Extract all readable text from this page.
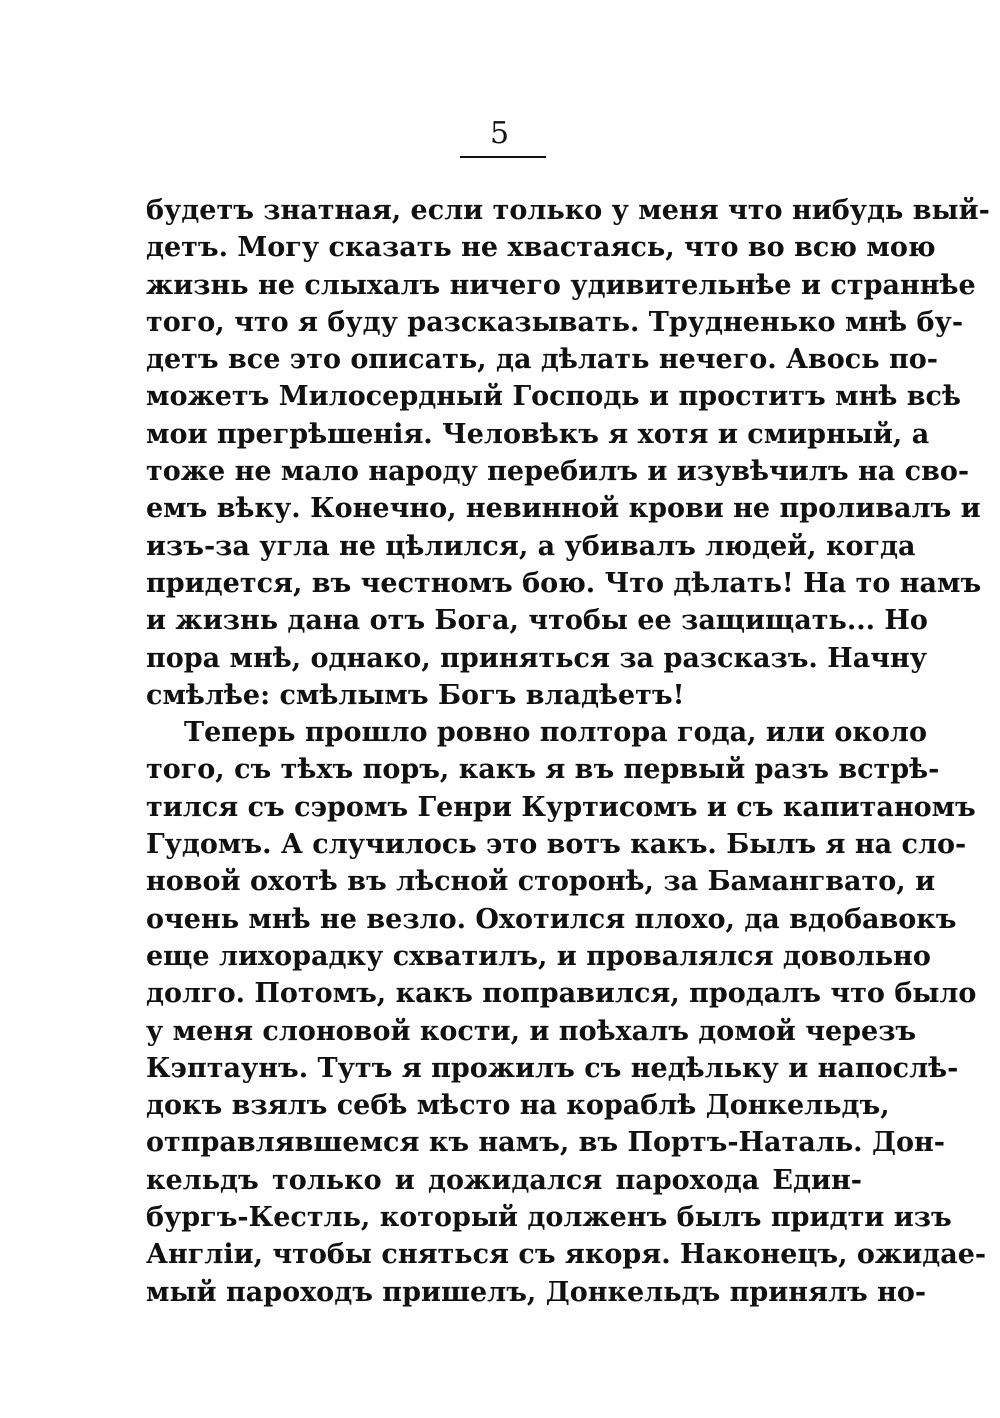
5
будетъ знатная, если только у меня что нибудь вый-
детъ. Могу сказать не хвастаясь, что во всю мою
жизнь не слыхалъ ничего удивительнѣе и страннѣе
того, что я буду разсказывать. Трудненько мнѣ бу-
детъ все это описать, да дѣлать нечего. Авось по-
можетъ Милосердный Господь и проститъ мнѣ всѣ
мои прегрѣшенія. Человѣкъ я хотя и смирный, а
тоже не мало народу перебилъ и изувѣчилъ на сво-
емъ вѣку. Конечно, невинной крови не проливалъ и
изъ-за угла не цѣлился, а убивалъ людей, когда
придется, въ честномъ бою. Что дѣлать! На то намъ
и жизнь дана отъ Бога, чтобы ее защищать... Но
пора мнѣ, однако, приняться за разсказъ. Начну
смѣлѣе: смѣлымъ Богъ владѣетъ!
Теперь прошло ровно полтора года, или около
того, съ тѣхъ поръ, какъ я въ первый разъ встрѣ-
тился съ сэромъ Генри Куртисомъ и съ капитаномъ
Гудомъ. А случилось это вотъ какъ. Былъ я на сло-
новой охотѣ въ лѣсной сторонѣ, за Бамангвато, и
очень мнѣ не везло. Охотился плохо, да вдобавокъ
еще лихорадку схватилъ, и провалялся довольно
долго. Потомъ, какъ поправился, продалъ что было
у меня слоновой кости, и поѣхалъ домой черезъ
Кэптаунъ. Тутъ я прожилъ съ недѣльку и напослѣ-
докъ взялъ себѣ мѣсто на кораблѣ Донкельдъ,
отправлявшемся къ намъ, въ Портъ-Наталь. Дон-
кельдъ только и дожидался парохода Един-
бургъ-Кестль, который долженъ былъ придти изъ
Англіи, чтобы сняться съ якоря. Наконецъ, ожидае-
мый пароходъ пришелъ, Донкельдъ принялъ но-
